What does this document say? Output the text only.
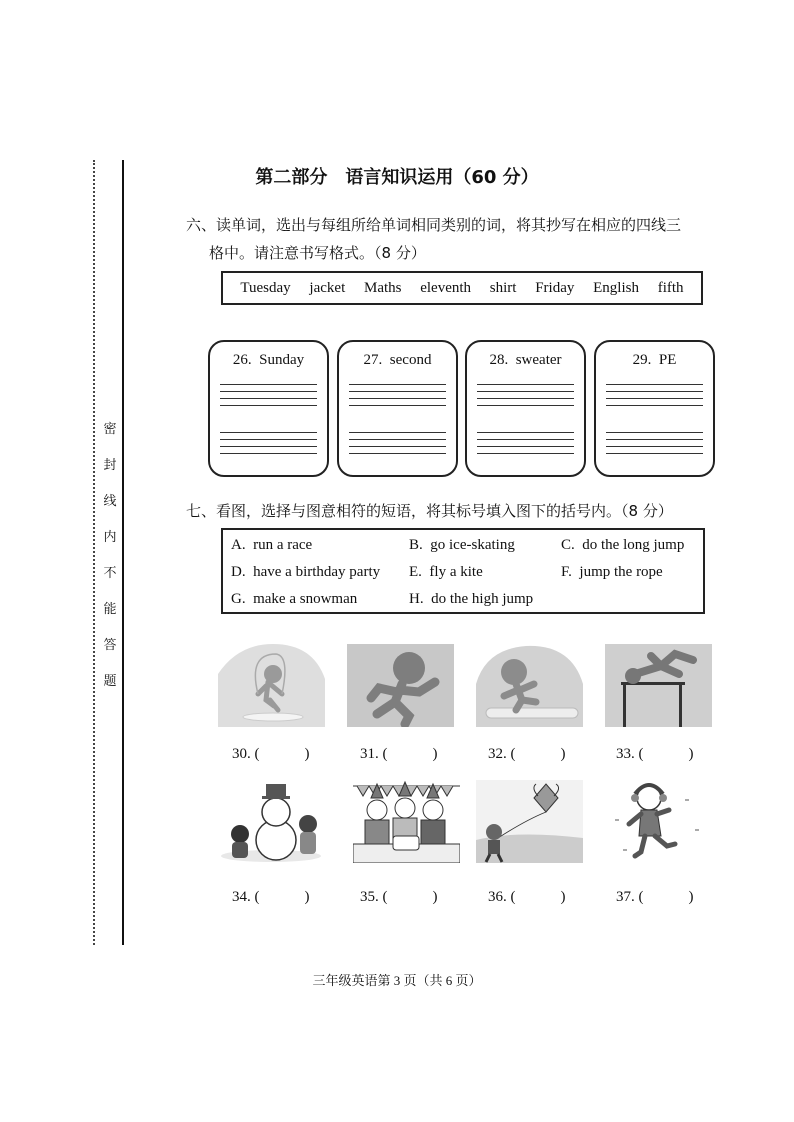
密
封
线
内
不
能
答
题
第二部分　语言知识运用（60 分）
六、读单词，选出与每组所给单词相同类别的词，将其抄写在相应的四线三
格中。请注意书写格式。（8 分）
Tuesday jacket Maths eleventh shirt Friday English fifth
26. Sunday	27. second	28. sweater	29. PE
七、看图，选择与图意相符的短语，将其标号填入图下的括号内。（8 分）
A. run a race	B. go ice-skating	C. do the long jump
D. have a birthday party E. fly a kite	F. jump the rope
G. make a snowman	H. do the high jump
30. (　　　)	31. (　　　)	32. (　　　)	33. (　　　)
34. (　　　)	35. (　　　)	36. (　　　)	37. (　　　)
三年级英语第 3 页（共 6 页）
